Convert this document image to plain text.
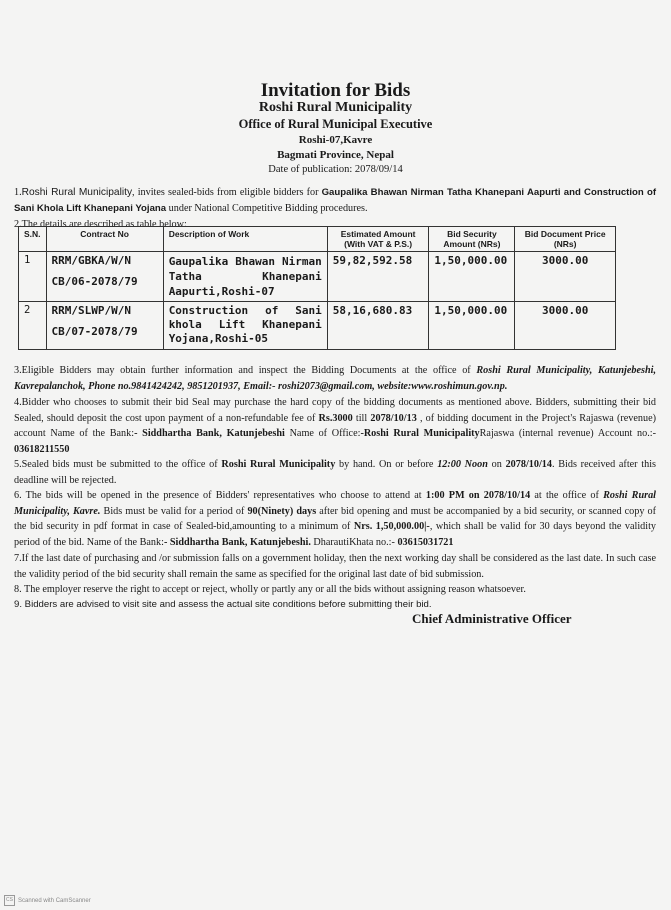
Invitation for Bids
Roshi Rural Municipality
Office of Rural Municipal Executive
Roshi-07,Kavre
Bagmati Province, Nepal
Date of publication: 2078/09/14
1.Roshi Rural Municipality, invites sealed-bids from eligible bidders for Gaupalika Bhawan Nirman Tatha Khanepani Aapurti and Construction of Sani Khola Lift Khanepani Yojana under National Competitive Bidding procedures.
2.The details are described as table below:
S.N.	Contract No	Description of Work	Estimated Amount (With VAT & P.S.)	Bid Security Amount (NRs)	Bid Document Price (NRs)
1	RRM/GBKA/W/N
CB/06-2078/79	Gaupalika Bhawan Nirman Tatha Khanepani Aapurti,Roshi-07	59,82,592.58	1,50,000.00	3000.00
2	RRM/SLWP/W/N
CB/07-2078/79	Construction of Sani khola Lift Khanepani Yojana,Roshi-05	58,16,680.83	1,50,000.00	3000.00
3.Eligible Bidders may obtain further information and inspect the Bidding Documents at the office of Roshi Rural Municipality, Katunjebeshi, Kavrepalanchok, Phone no.9841424242, 9851201937, Email:- roshi2073@gmail.com, website:www.roshimun.gov.np.
4.Bidder who chooses to submit their bid Seal may purchase the hard copy of the bidding documents as mentioned above. Bidders, submitting their bid Sealed, should deposit the cost upon payment of a non-refundable fee of Rs.3000 till 2078/10/13 , of bidding document in the Project's Rajaswa (revenue) account Name of the Bank:- Siddhartha Bank, Katunjebeshi Name of Office:-Roshi Rural MunicipalityRajaswa (internal revenue) Account no.:- 03618211550
5.Sealed bids must be submitted to the office of Roshi Rural Municipality by hand. On or before 12:00 Noon on 2078/10/14. Bids received after this deadline will be rejected.
6. The bids will be opened in the presence of Bidders' representatives who choose to attend at 1:00 PM on 2078/10/14 at the office of Roshi Rural Municipality, Kavre. Bids must be valid for a period of 90(Ninety) days after bid opening and must be accompanied by a bid security, or scanned copy of the bid security in pdf format in case of Sealed-bid,amounting to a minimum of Nrs. 1,50,000.00|-, which shall be valid for 30 days beyond the validity period of the bid. Name of the Bank:- Siddhartha Bank, Katunjebeshi. DharautiKhata no.:- 03615031721
7.If the last date of purchasing and /or submission falls on a government holiday, then the next working day shall be considered as the last date. In such case the validity period of the bid security shall remain the same as specified for the original last date of bid submission.
8. The employer reserve the right to accept or reject, wholly or partly any or all the bids without assigning reason whatsoever.
9. Bidders are advised to visit site and assess the actual site conditions before submitting their bid.
Chief Administrative Officer
CS Scanned with CamScanner
